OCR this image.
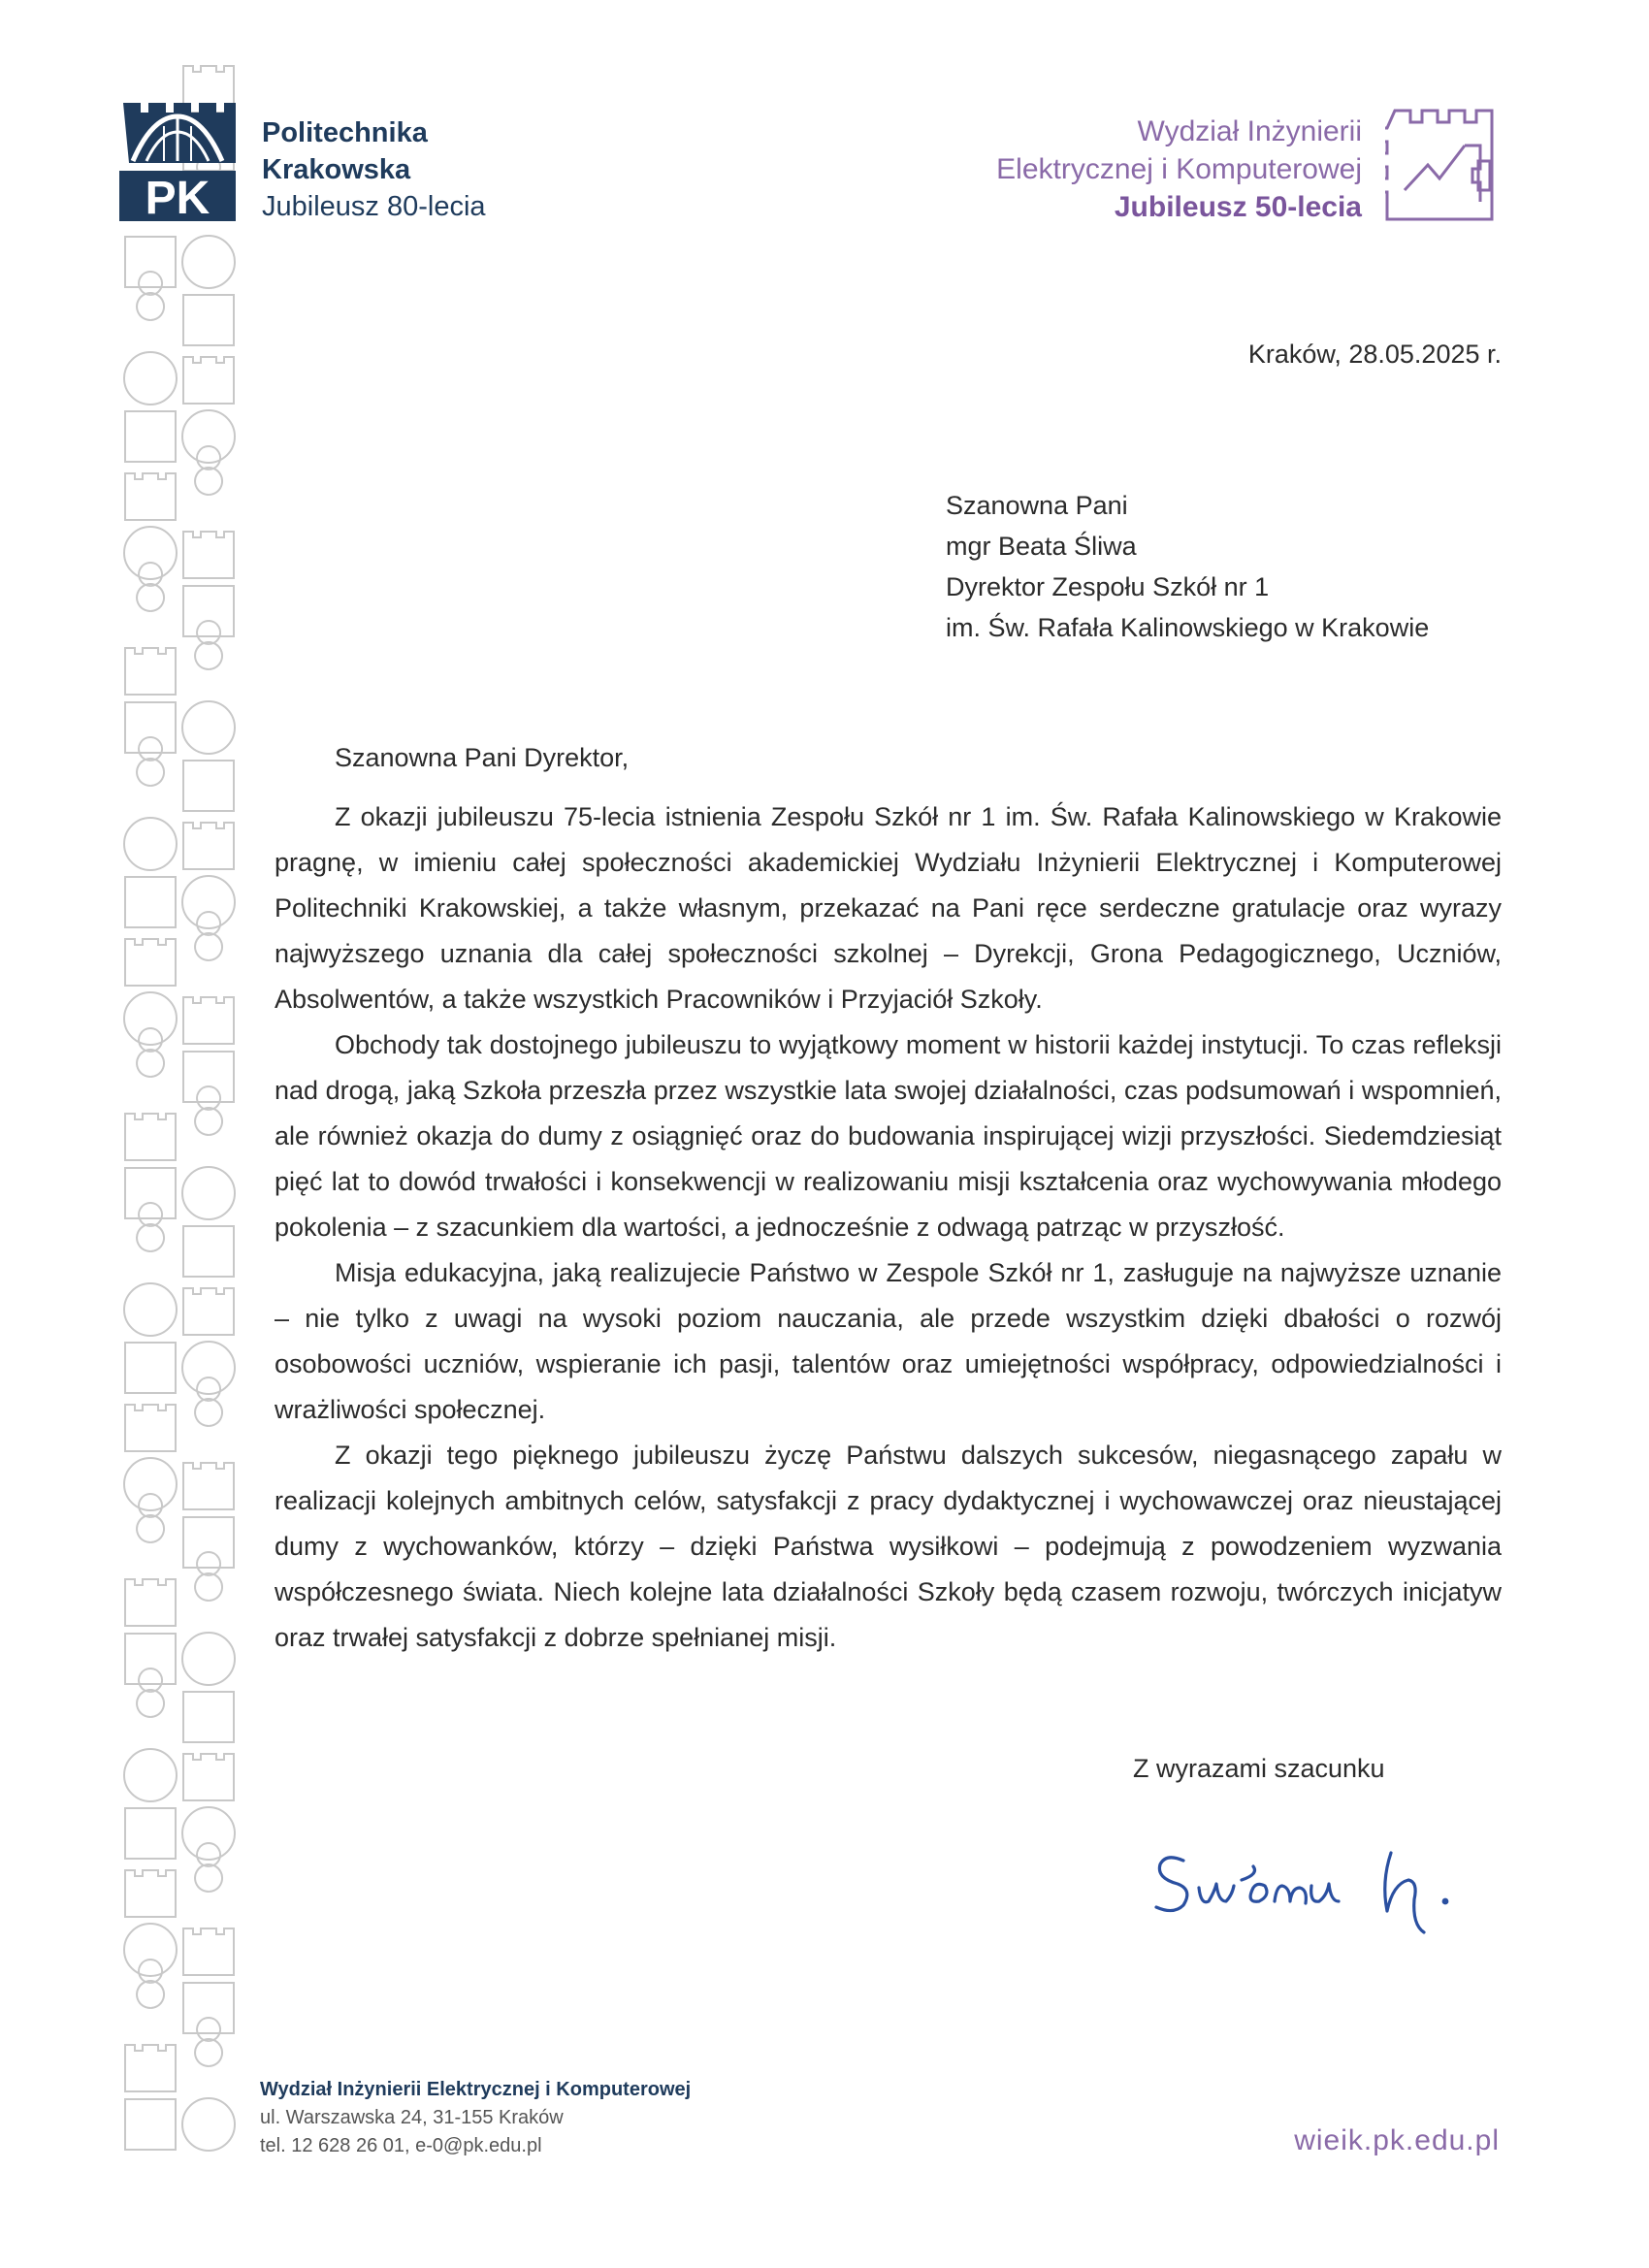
PK
Politechnika
Krakowska
Jubileusz 80-lecia
Wydział Inżynierii
Elektrycznej i Komputerowej
Jubileusz 50-lecia
Kraków, 28.05.2025 r.
Szanowna Pani
mgr Beata Śliwa
Dyrektor Zespołu Szkół nr 1
im. Św. Rafała Kalinowskiego w Krakowie

Szanowna Pani Dyrektor,

Z okazji jubileuszu 75-lecia istnienia Zespołu Szkół nr 1 im. Św. Rafała Kalinowskiego w Krakowie pragnę, w imieniu całej społeczności akademickiej Wydziału Inżynierii Elektrycznej i Komputerowej Politechniki Krakowskiej, a także własnym, przekazać na Pani ręce serdeczne gratulacje oraz wyrazy najwyższego uznania dla całej społeczności szkolnej – Dyrekcji, Grona Pedagogicznego, Uczniów, Absolwentów, a także wszystkich Pracowników i Przyjaciół Szkoły.

Obchody tak dostojnego jubileuszu to wyjątkowy moment w historii każdej instytucji. To czas refleksji nad drogą, jaką Szkoła przeszła przez wszystkie lata swojej działalności, czas podsumowań i wspomnień, ale również okazja do dumy z osiągnięć oraz do budowania inspirującej wizji przyszłości. Siedemdziesiąt pięć lat to dowód trwałości i konsekwencji w realizowaniu misji kształcenia oraz wychowywania młodego pokolenia – z szacunkiem dla wartości, a jednocześnie z odwagą patrząc w przyszłość.

Misja edukacyjna, jaką realizujecie Państwo w Zespole Szkół nr 1, zasługuje na najwyższe uznanie – nie tylko z uwagi na wysoki poziom nauczania, ale przede wszystkim dzięki dbałości o rozwój osobowości uczniów, wspieranie ich pasji, talentów oraz umiejętności współpracy, odpowiedzialności i wrażliwości społecznej.

Z okazji tego pięknego jubileuszu życzę Państwu dalszych sukcesów, niegasnącego zapału w realizacji kolejnych ambitnych celów, satysfakcji z pracy dydaktycznej i wychowawczej oraz nieustającej dumy z wychowanków, którzy – dzięki Państwa wysiłkowi – podejmują z powodzeniem wyzwania współczesnego świata. Niech kolejne lata działalności Szkoły będą czasem rozwoju, twórczych inicjatyw oraz trwałej satysfakcji z dobrze spełnianej misji.

Z wyrazami szacunku
Wydział Inżynierii Elektrycznej i Komputerowej
ul. Warszawska 24, 31-155 Kraków
tel. 12 628 26 01, e-0@pk.edu.pl	wieik.pk.edu.pl
